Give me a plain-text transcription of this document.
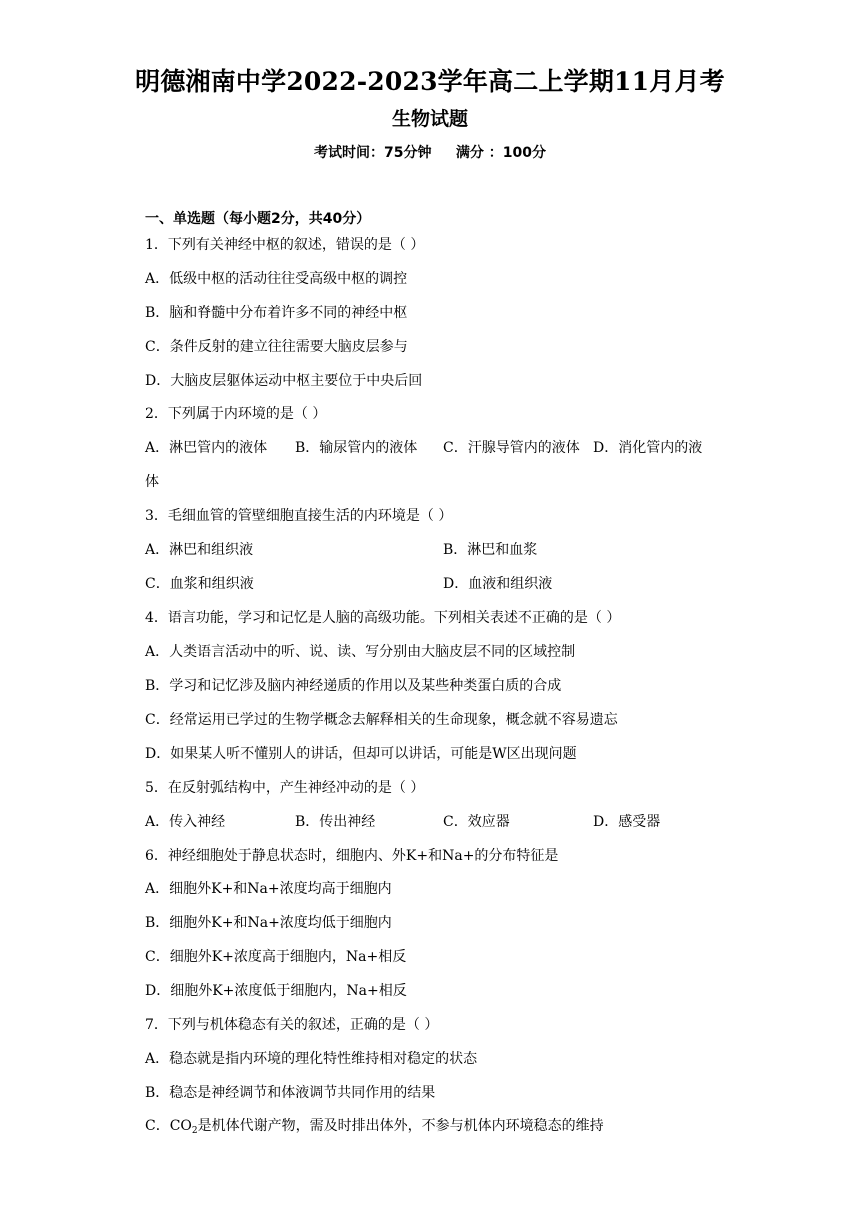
明德湘南中学2022-2023学年高二上学期11月月考
生物试题
考试时间：75分钟     满分 ：100分
一、单选题（每小题2分，共40分）
1．下列有关神经中枢的叙述，错误的是（ ）
A．低级中枢的活动往往受高级中枢的调控
B．脑和脊髓中分布着许多不同的神经中枢
C．条件反射的建立往往需要大脑皮层参与
D．大脑皮层躯体运动中枢主要位于中央后回
2．下列属于内环境的是（ ）
A．淋巴管内的液体 B．输尿管内的液体 C．汗腺导管内的液体 D．消化管内的液
体
3．毛细血管的管壁细胞直接生活的内环境是（ ）
A．淋巴和组织液	B．淋巴和血浆
C．血浆和组织液	D．血液和组织液
4．语言功能，学习和记忆是人脑的高级功能。下列相关表述不正确的是（ ）
A．人类语言活动中的听、说、读、写分别由大脑皮层不同的区域控制
B．学习和记忆涉及脑内神经递质的作用以及某些种类蛋白质的合成
C．经常运用已学过的生物学概念去解释相关的生命现象，概念就不容易遗忘
D．如果某人听不懂别人的讲话，但却可以讲话，可能是W区出现问题
5．在反射弧结构中，产生神经冲动的是（ ）
A．传入神经	B．传出神经	C．效应器	D．感受器
6．神经细胞处于静息状态时，细胞内、外K+和Na+的分布特征是
A．细胞外K+和Na+浓度均高于细胞内
B．细胞外K+和Na+浓度均低于细胞内
C．细胞外K+浓度高于细胞内，Na+相反
D．细胞外K+浓度低于细胞内，Na+相反
7．下列与机体稳态有关的叙述，正确的是（ ）
A．稳态就是指内环境的理化特性维持相对稳定的状态
B．稳态是神经调节和体液调节共同作用的结果
C．$CO_2$是机体代谢产物，需及时排出体外，不参与机体内环境稳态的维持
